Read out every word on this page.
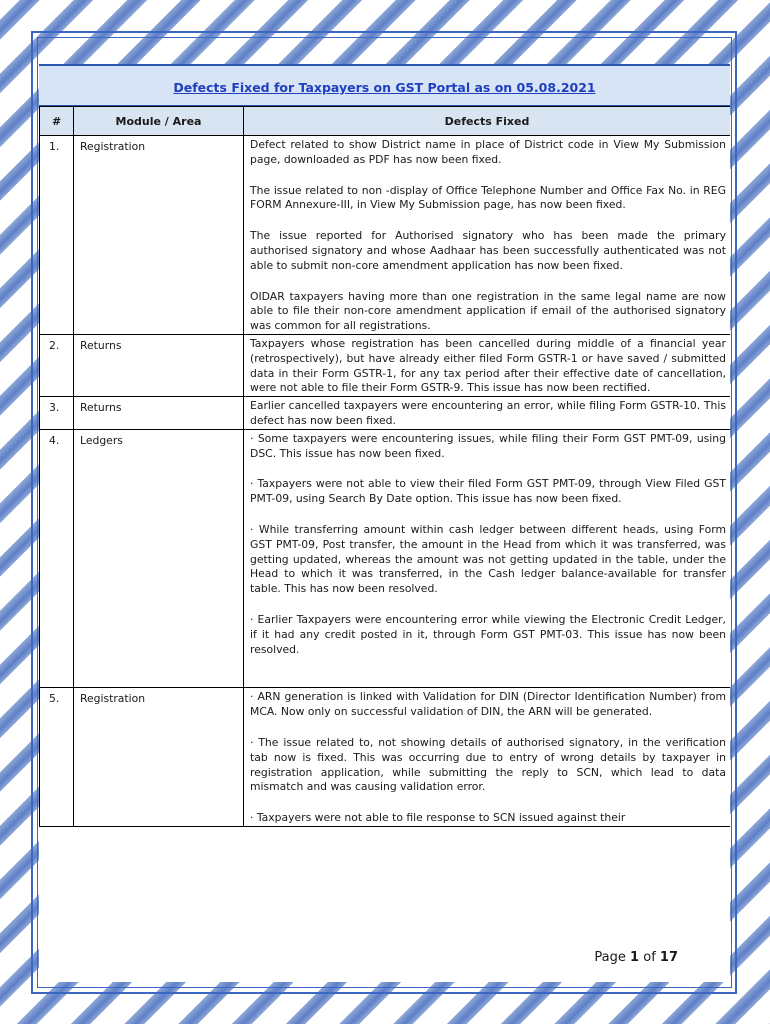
Defects Fixed for Taxpayers on GST Portal as on 05.08.2021
#	Module / Area	Defects Fixed
1.	Registration	Defect related to show District name in place of District code in View My Submission page, downloaded as PDF has now been fixed.

The issue related to non -display of Office Telephone Number and Office Fax No. in REG FORM Annexure-III, in View My Submission page, has now been fixed.

The issue reported for Authorised signatory who has been made the primary authorised signatory and whose Aadhaar has been successfully authenticated was not able to submit non-core amendment application has now been fixed.

OIDAR taxpayers having more than one registration in the same legal name are now able to file their non-core amendment application if email of the authorised signatory was common for all registrations.

2.	Returns	Taxpayers whose registration has been cancelled during middle of a financial year (retrospectively), but have already either filed Form GSTR-1 or have saved / submitted data in their Form GSTR-1, for any tax period after their effective date of cancellation, were not able to file their Form GSTR-9. This issue has now been rectified.

3.	Returns	Earlier cancelled taxpayers were encountering an error, while filing Form GSTR-10. This defect has now been fixed.

4.	Ledgers	· Some taxpayers were encountering issues, while filing their Form GST PMT-09, using DSC. This issue has now been fixed.

· Taxpayers were not able to view their filed Form GST PMT-09, through View Filed GST PMT-09, using Search By Date option. This issue has now been fixed.

· While transferring amount within cash ledger between different heads, using Form GST PMT-09, Post transfer, the amount in the Head from which it was transferred, was getting updated, whereas the amount was not getting updated in the table, under the Head to which it was transferred, in the Cash ledger balance-available for transfer table. This has now been resolved.

· Earlier Taxpayers were encountering error while viewing the Electronic Credit Ledger, if it had any credit posted in it, through Form GST PMT-03. This issue has now been resolved.

5.	Registration	· ARN generation is linked with Validation for DIN (Director Identification Number) from MCA. Now only on successful validation of DIN, the ARN will be generated.

· The issue related to, not showing details of authorised signatory, in the verification tab now is fixed. This was occurring due to entry of wrong details by taxpayer in registration application, while submitting the reply to SCN, which lead to data mismatch and was causing validation error.

· Taxpayers were not able to file response to SCN issued against their

Page 1 of 17
